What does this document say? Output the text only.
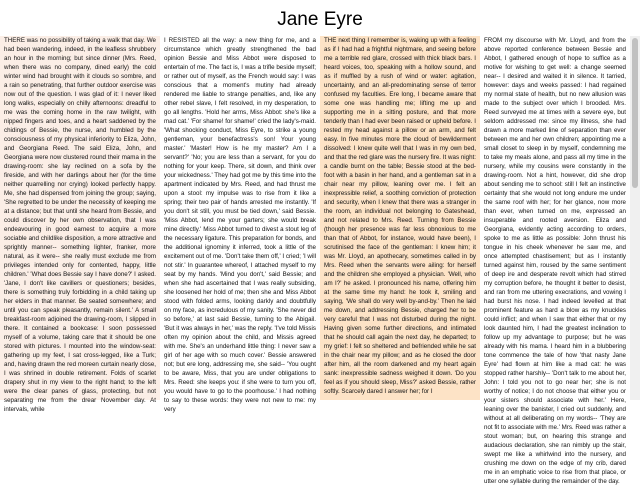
Jane Eyre

THERE was no possibility of taking a walk that day. We had been wandering, indeed, in the leafless shrubbery an hour in the morning; but since dinner (Mrs. Reed, when there was no company, dined early) the cold winter wind had brought with it clouds so sombre, and a rain so penetrating, that further outdoor exercise was now out of the question. I was glad of it: I never liked long walks, especially on chilly afternoons: dreadful to me was the coming home in the raw twilight, with nipped fingers and toes, and a heart saddened by the chidings of Bessie, the nurse, and humbled by the consciousness of my physical inferiority to Eliza, John, and Georgiana Reed. The said Eliza, John, and Georgiana were now clustered round their mama in the drawing-room: she lay reclined on a sofa by the fireside, and with her darlings about her (for the time neither quarrelling nor crying) looked perfectly happy. Me, she had dispensed from joining the group; saying, 'She regretted to be under the necessity of keeping me at a distance; but that until she heard from Bessie, and could discover by her own observation, that I was endeavouring in good earnest to acquire a more sociable and childlike disposition, a more attractive and sprightly manner-- something lighter, franker, more natural, as it were-- she really must exclude me from privileges intended only for contented, happy, little children.' 'What does Bessie say I have done?' I asked. 'Jane, I don't like cavillers or questioners; besides, there is something truly forbidding in a child taking up her elders in that manner. Be seated somewhere; and until you can speak pleasantly, remain silent.' A small breakfast-room adjoined the drawing-room, I slipped in there. It contained a bookcase: I soon possessed myself of a volume, taking care that it should be one stored with pictures. I mounted into the window-seat: gathering up my feet, I sat cross-legged, like a Turk; and, having drawn the red moreen curtain nearly close, I was shrined in double retirement. Folds of scarlet drapery shut in my view to the right hand; to the left were the clear panes of glass, protecting, but not separating me from the drear November day. At intervals, while

I RESISTED all the way: a new thing for me, and a circumstance which greatly strengthened the bad opinion Bessie and Miss Abbot were disposed to entertain of me. The fact is, I was a trifle beside myself; or rather out of myself, as the French would say: I was conscious that a moment's mutiny had already rendered me liable to strange penalties, and, like any other rebel slave, I felt resolved, in my desperation, to go all lengths. 'Hold her arms, Miss Abbot: she's like a mad cat.' 'For shame! for shame!' cried the lady's-maid. 'What shocking conduct, Miss Eyre, to strike a young gentleman, your benefactress's son! Your young master.' 'Master! How is he my master? Am I a servant?' 'No; you are less than a servant, for you do nothing for your keep. There, sit down, and think over your wickedness.' They had got me by this time into the apartment indicated by Mrs. Reed, and had thrust me upon a stool: my impulse was to rise from it like a spring; their two pair of hands arrested me instantly. 'If you don't sit still, you must be tied down,' said Bessie. 'Miss Abbot, lend me your garters; she would break mine directly.' Miss Abbot turned to divest a stout leg of the necessary ligature. This preparation for bonds, and the additional ignominy it inferred, took a little of the excitement out of me. 'Don't take them off,' I cried; 'I will not stir.' In guarantee whereof, I attached myself to my seat by my hands. 'Mind you don't,' said Bessie; and when she had ascertained that I was really subsiding, she loosened her hold of me; then she and Miss Abbot stood with folded arms, looking darkly and doubtfully on my face, as incredulous of my sanity. 'She never did so before,' at last said Bessie, turning to the Abigail. 'But it was always in her,' was the reply. 'I've told Missis often my opinion about the child, and Missis agreed with me. She's an underhand little thing: I never saw a girl of her age with so much cover.' Bessie answered not; but ere long, addressing me, she said-- 'You ought to be aware, Miss, that you are under obligations to Mrs. Reed: she keeps you: if she were to turn you off, you would have to go to the poorhouse.' I had nothing to say to these words: they were not new to me: my very

THE next thing I remember is, waking up with a feeling as if I had had a frightful nightmare, and seeing before me a terrible red glare, crossed with thick black bars. I heard voices, too, speaking with a hollow sound, and as if muffled by a rush of wind or water: agitation, uncertainty, and an all-predominating sense of terror confused my faculties. Ere long, I became aware that some one was handling me; lifting me up and supporting me in a sitting posture, and that more tenderly than I had ever been raised or upheld before. I rested my head against a pillow or an arm, and felt easy. In five minutes more the cloud of bewilderment dissolved: I knew quite well that I was in my own bed, and that the red glare was the nursery fire. It was night: a candle burnt on the table; Bessie stood at the bed-foot with a basin in her hand, and a gentleman sat in a chair near my pillow, leaning over me. I felt an inexpressible relief, a soothing conviction of protection and security, when I knew that there was a stranger in the room, an individual not belonging to Gateshead, and not related to Mrs. Reed. Turning from Bessie (though her presence was far less obnoxious to me than that of Abbot, for instance, would have been), I scrutinised the face of the gentleman: I knew him; it was Mr. Lloyd, an apothecary, sometimes called in by Mrs. Reed when the servants were ailing: for herself and the children she employed a physician. 'Well, who am I?' he asked. I pronounced his name, offering him at the same time my hand: he took it, smiling and saying, 'We shall do very well by-and-by.' Then he laid me down, and addressing Bessie, charged her to be very careful that I was not disturbed during the night. Having given some further directions, and intimated that he should call again the next day, he departed; to my grief: I felt so sheltered and befriended while he sat in the chair near my pillow; and as he closed the door after him, all the room darkened and my heart again sank: inexpressible sadness weighed it down. 'Do you feel as if you should sleep, Miss?' asked Bessie, rather softly. Scarcely dared I answer her; for I

FROM my discourse with Mr. Lloyd, and from the above reported conference between Bessie and Abbot, I gathered enough of hope to suffice as a motive for wishing to get well: a change seemed near-- I desired and waited it in silence. It tarried, however: days and weeks passed: I had regained my normal state of health, but no new allusion was made to the subject over which I brooded. Mrs. Reed surveyed me at times with a severe eye, but seldom addressed me: since my illness, she had drawn a more marked line of separation than ever between me and her own children; appointing me a small closet to sleep in by myself, condemning me to take my meals alone, and pass all my time in the nursery, while my cousins were constantly in the drawing-room. Not a hint, however, did she drop about sending me to school: still I felt an instinctive certainty that she would not long endure me under the same roof with her; for her glance, now more than ever, when turned on me, expressed an insuperable and rooted aversion. Eliza and Georgiana, evidently acting according to orders, spoke to me as little as possible: John thrust his tongue in his cheek whenever he saw me, and once attempted chastisement; but as I instantly turned against him, roused by the same sentiment of deep ire and desperate revolt which had stirred my corruption before, he thought it better to desist, and ran from me uttering execrations, and vowing I had burst his nose. I had indeed levelled at that prominent feature as hard a blow as my knuckles could inflict; and when I saw that either that or my look daunted him, I had the greatest inclination to follow up my advantage to purpose; but he was already with his mama. I heard him in a blubbering tone commence the tale of how 'that nasty Jane Eyre' had flown at him like a mad cat: he was stopped rather harshly-- 'Don't talk to me about her, John: I told you not to go near her; she is not worthy of notice; I do not choose that either you or your sisters should associate with her.' Here, leaning over the banister, I cried out suddenly, and without at all deliberating on my words-- 'They are not fit to associate with me.' Mrs. Reed was rather a stout woman; but, on hearing this strange and audacious declaration, she ran nimbly up the stair, swept me like a whirlwind into the nursery, and crushing me down on the edge of my crib, dared me in an emphatic voice to rise from that place, or utter one syllable during the remainder of the day.
